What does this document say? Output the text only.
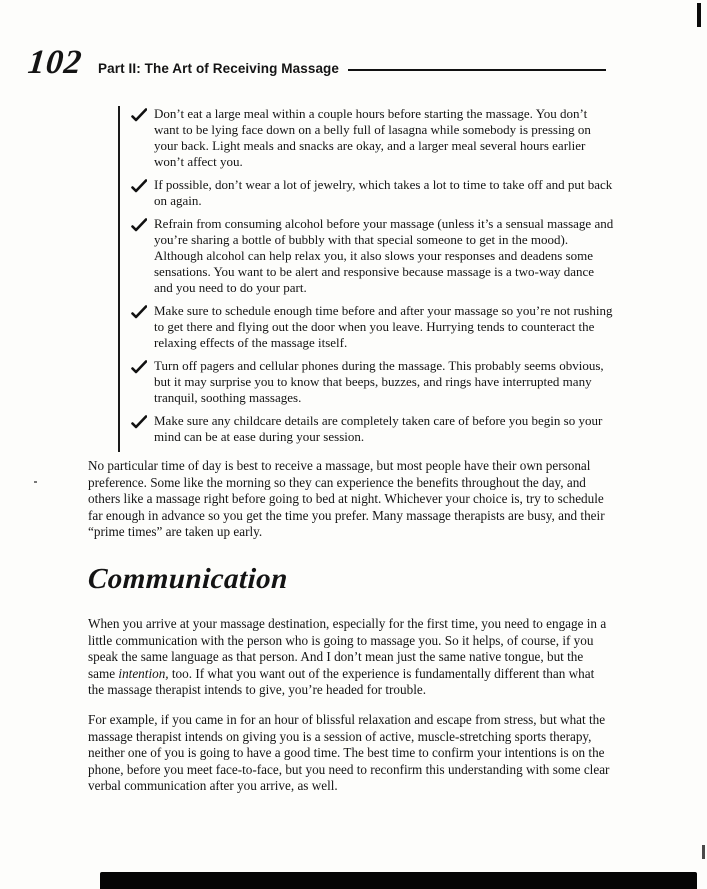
102 Part II: The Art of Receiving Massage
Don’t eat a large meal within a couple hours before starting the massage. You don’t want to be lying face down on a belly full of lasagna while somebody is pressing on your back. Light meals and snacks are okay, and a larger meal several hours earlier won’t affect you.
If possible, don’t wear a lot of jewelry, which takes a lot to time to take off and put back on again.
Refrain from consuming alcohol before your massage (unless it’s a sensual massage and you’re sharing a bottle of bubbly with that special someone to get in the mood). Although alcohol can help relax you, it also slows your responses and deadens some sensations. You want to be alert and responsive because massage is a two-way dance and you need to do your part.
Make sure to schedule enough time before and after your massage so you’re not rushing to get there and flying out the door when you leave. Hurrying tends to counteract the relaxing effects of the massage itself.
Turn off pagers and cellular phones during the massage. This probably seems obvious, but it may surprise you to know that beeps, buzzes, and rings have interrupted many tranquil, soothing massages.
Make sure any childcare details are completely taken care of before you begin so your mind can be at ease during your session.

No particular time of day is best to receive a massage, but most people have their own personal preference. Some like the morning so they can experience the benefits throughout the day, and others like a massage right before going to bed at night. Whichever your choice is, try to schedule far enough in advance so you get the time you prefer. Many massage therapists are busy, and their “prime times” are taken up early.

Communication

When you arrive at your massage destination, especially for the first time, you need to engage in a little communication with the person who is going to massage you. So it helps, of course, if you speak the same language as that person. And I don’t mean just the same native tongue, but the same intention, too. If what you want out of the experience is fundamentally different than what the massage therapist intends to give, you’re headed for trouble.

For example, if you came in for an hour of blissful relaxation and escape from stress, but what the massage therapist intends on giving you is a session of active, muscle-stretching sports therapy, neither one of you is going to have a good time. The best time to confirm your intentions is on the phone, before you meet face-to-face, but you need to reconfirm this understanding with some clear verbal communication after you arrive, as well.
